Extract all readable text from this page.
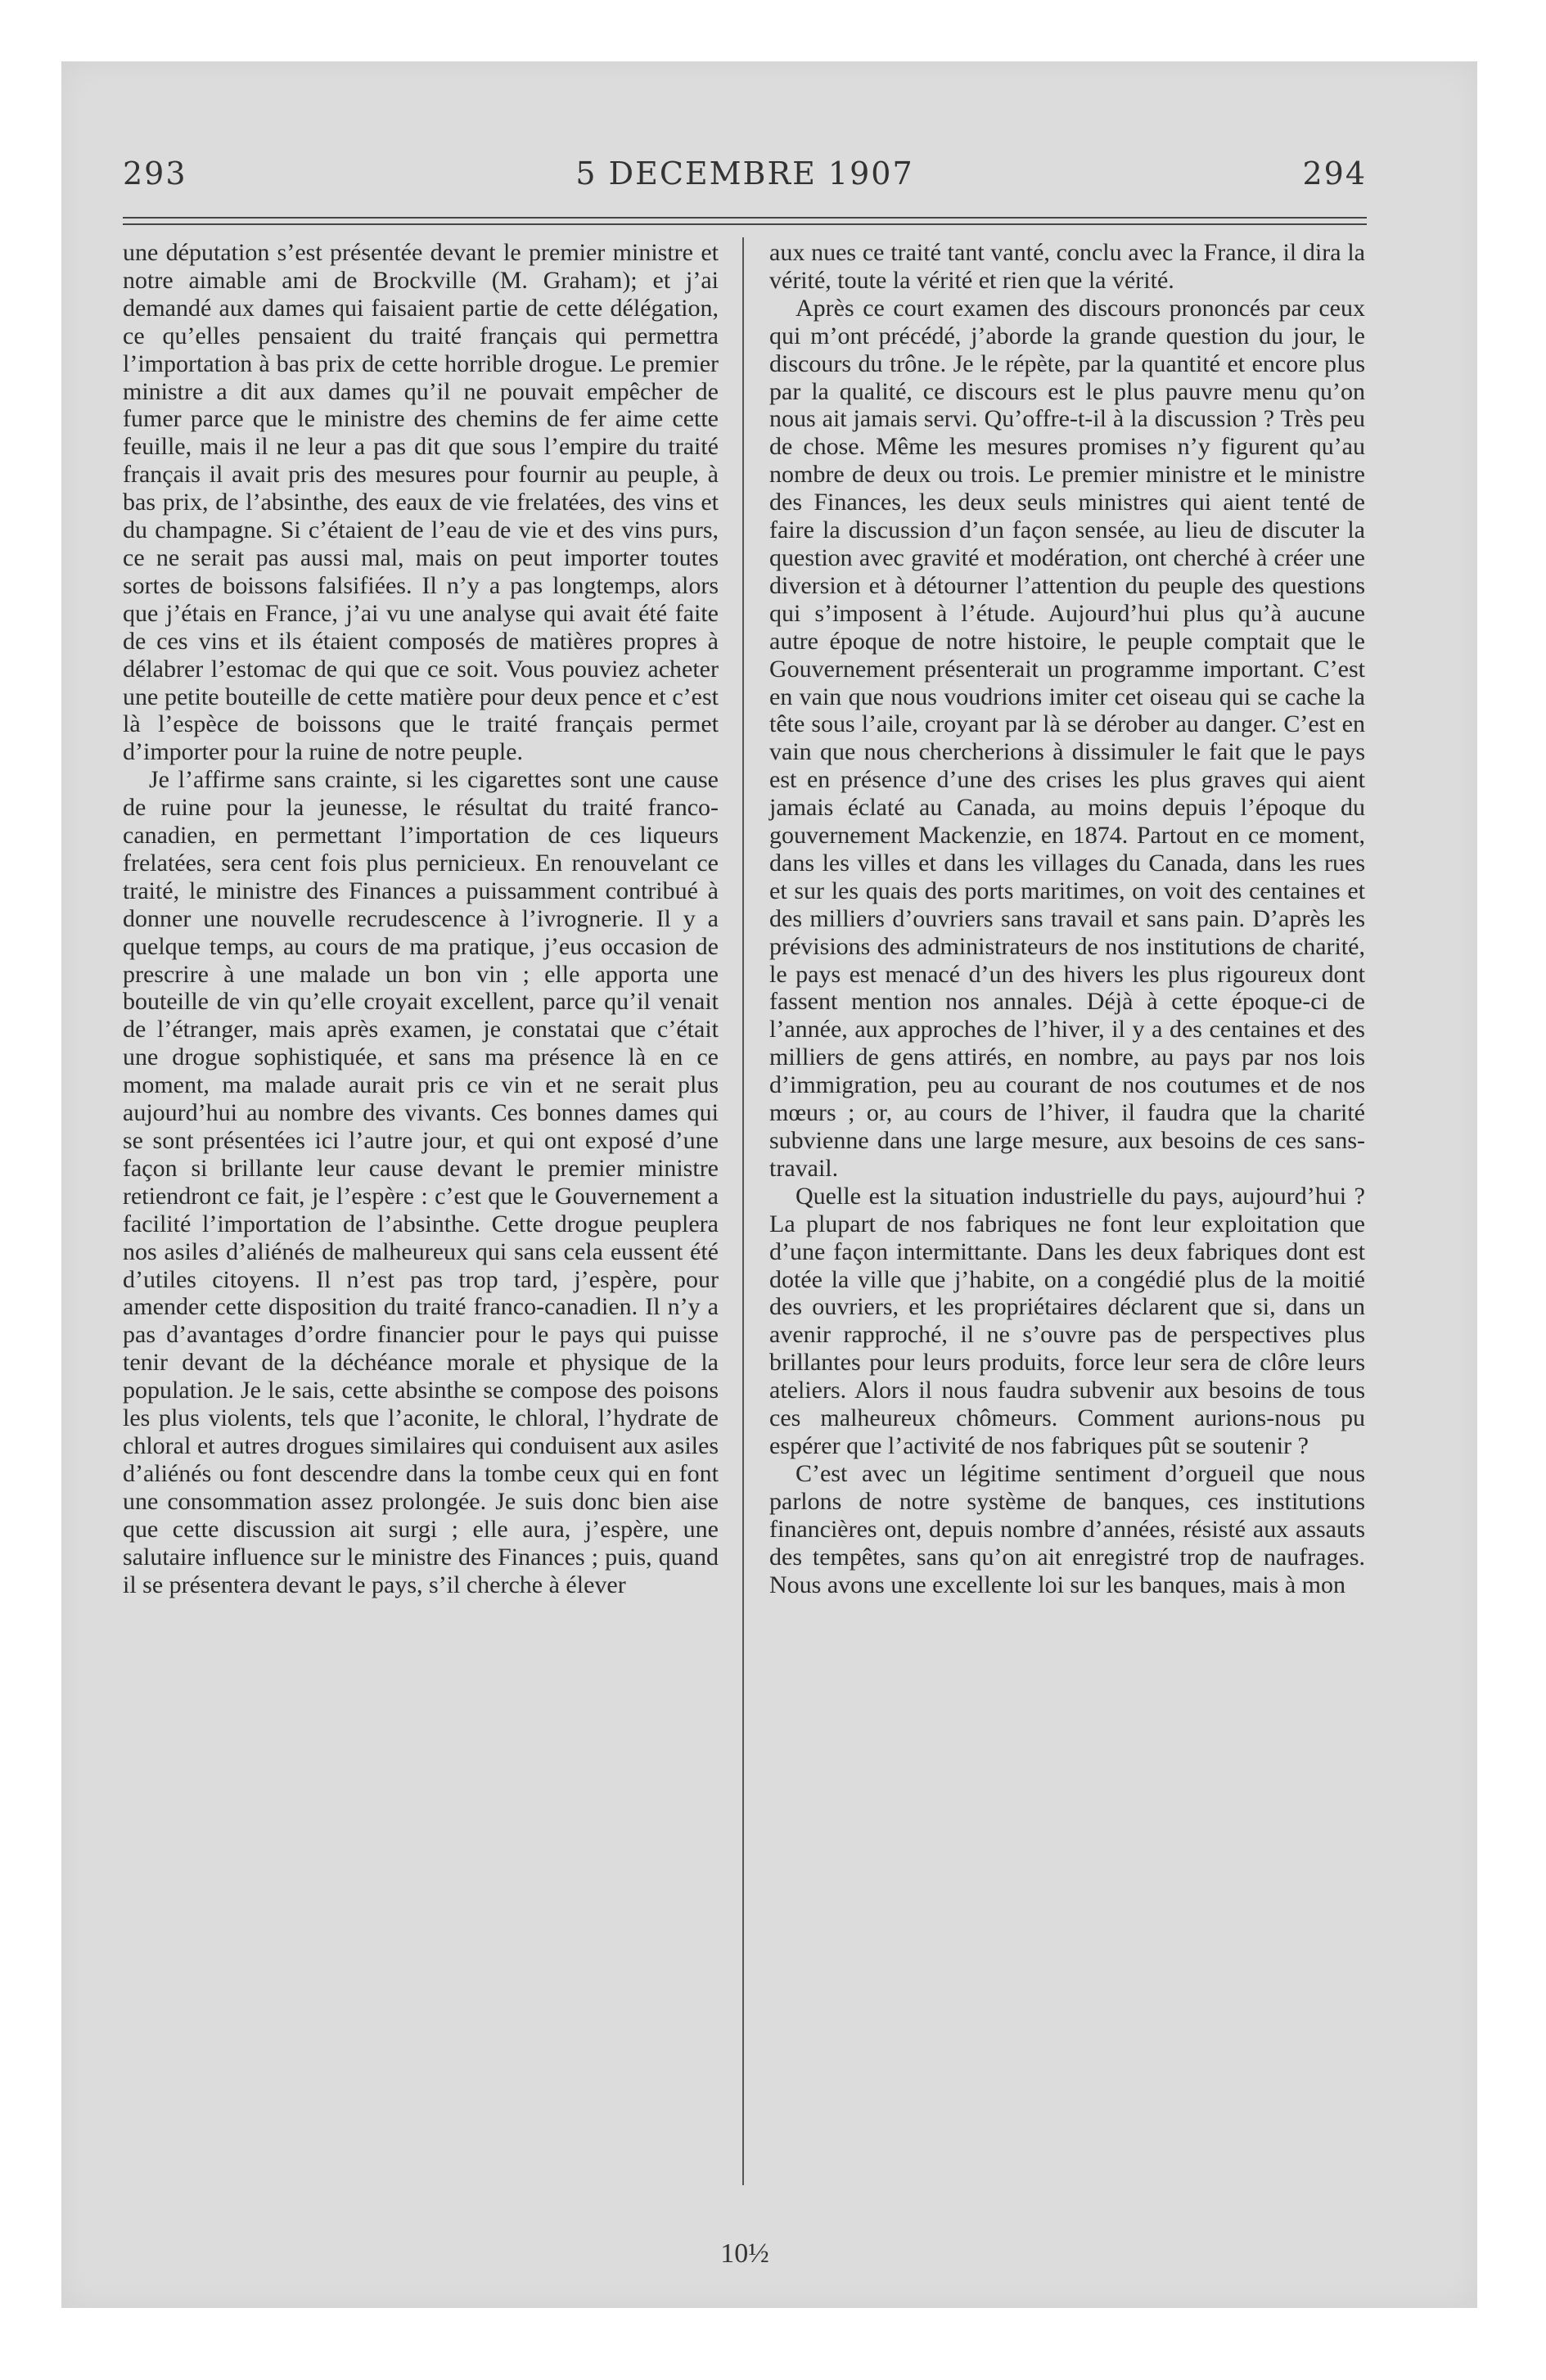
293	5 DECEMBRE 1907	294

une députation s’est présentée devant le premier ministre et notre aimable ami de Brockville (M. Graham); et j’ai demandé aux dames qui faisaient partie de cette délégation, ce qu’elles pensaient du traité français qui permettra l’importation à bas prix de cette horrible drogue. Le premier ministre a dit aux dames qu’il ne pouvait empêcher de fumer parce que le ministre des chemins de fer aime cette feuille, mais il ne leur a pas dit que sous l’empire du traité français il avait pris des mesures pour fournir au peuple, à bas prix, de l’absinthe, des eaux de vie frelatées, des vins et du champagne. Si c’étaient de l’eau de vie et des vins purs, ce ne serait pas aussi mal, mais on peut importer toutes sortes de boissons falsifiées. Il n’y a pas longtemps, alors que j’étais en France, j’ai vu une analyse qui avait été faite de ces vins et ils étaient composés de matières propres à délabrer l’estomac de qui que ce soit. Vous pouviez acheter une petite bouteille de cette matière pour deux pence et c’est là l’espèce de boissons que le traité français permet d’importer pour la ruine de notre peuple.

Je l’affirme sans crainte, si les cigarettes sont une cause de ruine pour la jeunesse, le résultat du traité franco-canadien, en permettant l’importation de ces liqueurs frelatées, sera cent fois plus pernicieux. En renouvelant ce traité, le ministre des Finances a puissamment contribué à donner une nouvelle recrudescence à l’ivrognerie. Il y a quelque temps, au cours de ma pratique, j’eus occasion de prescrire à une malade un bon vin ; elle apporta une bouteille de vin qu’elle croyait excellent, parce qu’il venait de l’étranger, mais après examen, je constatai que c’était une drogue sophistiquée, et sans ma présence là en ce moment, ma malade aurait pris ce vin et ne serait plus aujourd’hui au nombre des vivants. Ces bonnes dames qui se sont présentées ici l’autre jour, et qui ont exposé d’une façon si brillante leur cause devant le premier ministre retiendront ce fait, je l’espère : c’est que le Gouvernement a facilité l’importation de l’absinthe. Cette drogue peuplera nos asiles d’aliénés de malheureux qui sans cela eussent été d’utiles citoyens. Il n’est pas trop tard, j’espère, pour amender cette disposition du traité franco-canadien. Il n’y a pas d’avantages d’ordre financier pour le pays qui puisse tenir devant de la déchéance morale et physique de la population. Je le sais, cette absinthe se compose des poisons les plus violents, tels que l’aconite, le chloral, l’hydrate de chloral et autres drogues similaires qui conduisent aux asiles d’aliénés ou font descendre dans la tombe ceux qui en font une consommation assez prolongée. Je suis donc bien aise que cette discussion ait surgi ; elle aura, j’espère, une salutaire influence sur le ministre des Finances ; puis, quand il se présentera devant le pays, s’il cherche à élever

aux nues ce traité tant vanté, conclu avec la France, il dira la vérité, toute la vérité et rien que la vérité.

Après ce court examen des discours prononcés par ceux qui m’ont précédé, j’aborde la grande question du jour, le discours du trône. Je le répète, par la quantité et encore plus par la qualité, ce discours est le plus pauvre menu qu’on nous ait jamais servi. Qu’offre-t-il à la discussion ? Très peu de chose. Même les mesures promises n’y figurent qu’au nombre de deux ou trois. Le premier ministre et le ministre des Finances, les deux seuls ministres qui aient tenté de faire la discussion d’un façon sensée, au lieu de discuter la question avec gravité et modération, ont cherché à créer une diversion et à détourner l’attention du peuple des questions qui s’imposent à l’étude. Aujourd’hui plus qu’à aucune autre époque de notre histoire, le peuple comptait que le Gouvernement présenterait un programme important. C’est en vain que nous voudrions imiter cet oiseau qui se cache la tête sous l’aile, croyant par là se dérober au danger. C’est en vain que nous chercherions à dissimuler le fait que le pays est en présence d’une des crises les plus graves qui aient jamais éclaté au Canada, au moins depuis l’époque du gouvernement Mackenzie, en 1874. Partout en ce moment, dans les villes et dans les villages du Canada, dans les rues et sur les quais des ports maritimes, on voit des centaines et des milliers d’ouvriers sans travail et sans pain. D’après les prévisions des administrateurs de nos institutions de charité, le pays est menacé d’un des hivers les plus rigoureux dont fassent mention nos annales. Déjà à cette époque-ci de l’année, aux approches de l’hiver, il y a des centaines et des milliers de gens attirés, en nombre, au pays par nos lois d’immigration, peu au courant de nos coutumes et de nos mœurs ; or, au cours de l’hiver, il faudra que la charité subvienne dans une large mesure, aux besoins de ces sans-travail.

Quelle est la situation industrielle du pays, aujourd’hui ? La plupart de nos fabriques ne font leur exploitation que d’une façon intermittante. Dans les deux fabriques dont est dotée la ville que j’habite, on a congédié plus de la moitié des ouvriers, et les propriétaires déclarent que si, dans un avenir rapproché, il ne s’ouvre pas de perspectives plus brillantes pour leurs produits, force leur sera de clôre leurs ateliers. Alors il nous faudra subvenir aux besoins de tous ces malheureux chômeurs. Comment aurions-nous pu espérer que l’activité de nos fabriques pût se soutenir ?

C’est avec un légitime sentiment d’orgueil que nous parlons de notre système de banques, ces institutions financières ont, depuis nombre d’années, résisté aux assauts des tempêtes, sans qu’on ait enregistré trop de naufrages. Nous avons une excellente loi sur les banques, mais à mon

10½
